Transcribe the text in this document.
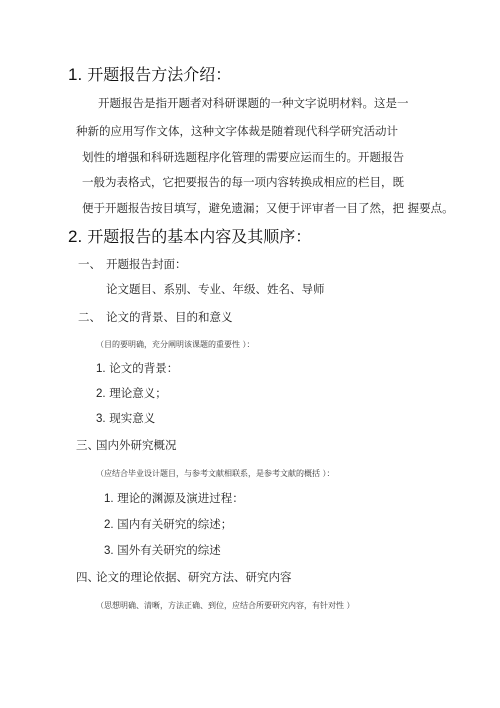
1. 开题报告方法介绍：
开题报告是指开题者对科研课题的一种文字说明材料。这是一
种新的应用写作文体，这种文字体裁是随着现代科学研究活动计
划性的增强和科研选题程序化管理的需要应运而生的。开题报告
一般为表格式，它把要报告的每一项内容转换成相应的栏目，既
便于开题报告按目填写，避免遗漏；又便于评审者一目了然，把 握要点。
2. 开题报告的基本内容及其顺序：
一、 开题报告封面：
论文题目、系别、专业、年级、姓名、导师
二、 论文的背景、目的和意义
（目的要明确，充分阐明该课题的重要性 ）：
1. 论文的背景：
2. 理论意义；
3. 现实意义
三、
国内外研究概况
（应结合毕业设计题目，与参考文献相联系，是参考文献的概括 ）：
1. 理论的渊源及演进过程：
2. 国内有关研究的综述；
3. 国外有关研究的综述
四、
论文的理论依据、研究方法、研究内容
（思想明确、清晰，方法正确、到位，应结合所要研究内容，有针对性 ）
